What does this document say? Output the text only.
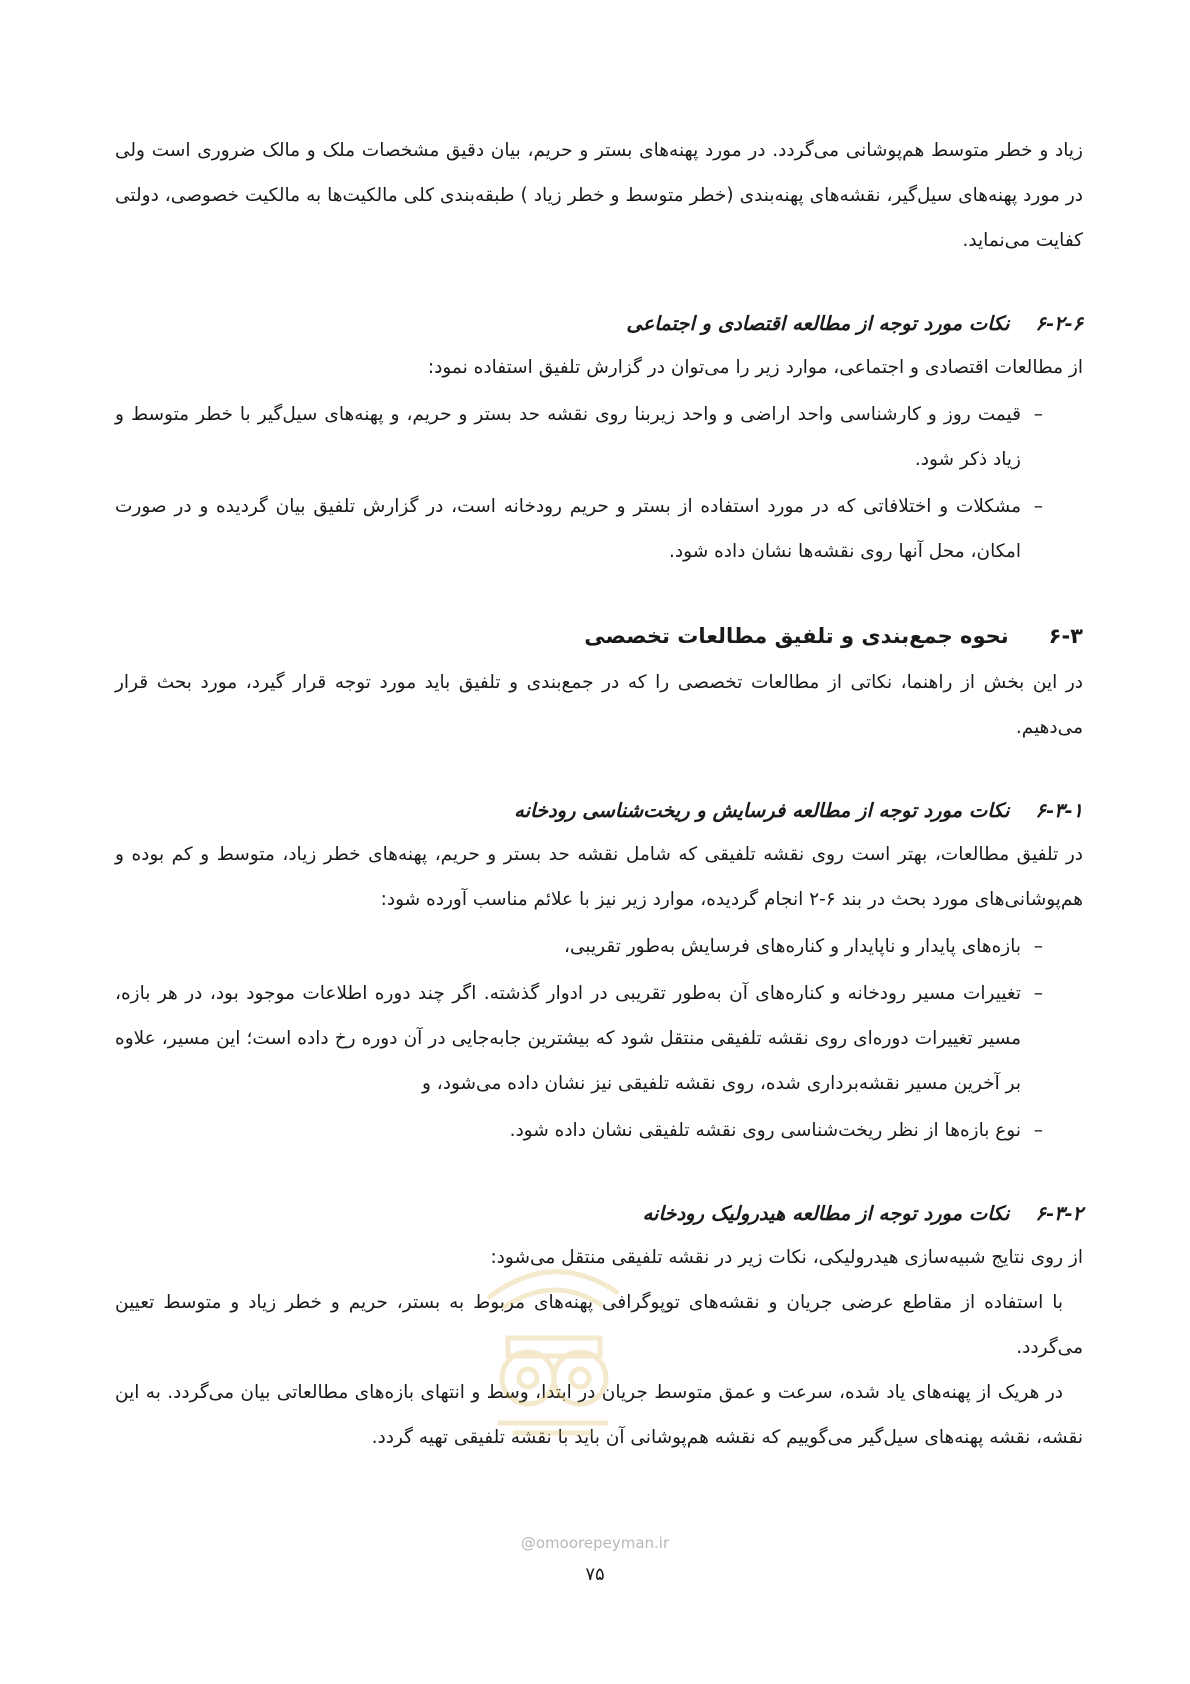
زیاد و خطر متوسط هم‌پوشانی می‌گردد. در مورد پهنه‌های بستر و حریم، بیان دقیق مشخصات ملک و مالک ضروری است ولی در مورد پهنه‌های سیل‌گیر، نقشه‌های پهنه‌بندی (خطر متوسط و خطر زیاد ) طبقه‌بندی کلی مالکیت‌ها به مالکیت خصوصی، دولتی کفایت می‌نماید.

۶-۲-۶نکات مورد توجه از مطالعه اقتصادی و اجتماعی

از مطالعات اقتصادی و اجتماعی، موارد زیر را می‌توان در گزارش تلفیق استفاده نمود:

–
قیمت روز و کارشناسی واحد اراضی و واحد زیربنا روی نقشه حد بستر و حریم، و پهنه‌های سیل‌گیر با خطر متوسط و زیاد ذکر شود.
–
مشکلات و اختلافاتی که در مورد استفاده از بستر و حریم رودخانه است، در گزارش تلفیق بیان گردیده و در صورت امکان، محل آنها روی نقشه‌ها نشان داده شود.
۶-۳نحوه جمع‌بندی و تلفیق مطالعات تخصصی

در این بخش از راهنما، نکاتی از مطالعات تخصصی را که در جمع‌بندی و تلفیق باید مورد توجه قرار گیرد، مورد بحث قرار می‌دهیم.

۶-۳-۱نکات مورد توجه از مطالعه فرسایش و ریخت‌شناسی رودخانه

در تلفیق مطالعات، بهتر است روی نقشه تلفیقی که شامل نقشه حد بستر و حریم، پهنه‌های خطر زیاد، متوسط و کم بوده و هم‌پوشانی‌های مورد بحث در بند ۶-۲ انجام گردیده، موارد زیر نیز با علائم مناسب آورده شود:

–
بازه‌های پایدار و ناپایدار و کناره‌های فرسایش به‌طور تقریبی،
–
تغییرات مسیر رودخانه و کناره‌های آن به‌طور تقریبی در ادوار گذشته. اگر چند دوره اطلاعات موجود بود، در هر بازه، مسیر تغییرات دوره‌ای روی نقشه تلفیقی منتقل شود که بیشترین جابه‌جایی در آن دوره رخ داده است؛ این مسیر، علاوه بر آخرین مسیر نقشه‌برداری شده، روی نقشه تلفیقی نیز نشان داده می‌شود، و
–
نوع بازه‌ها از نظر ریخت‌شناسی روی نقشه تلفیقی نشان داده شود.
۶-۳-۲نکات مورد توجه از مطالعه هیدرولیک رودخانه

از روی نتایج شبیه‌سازی هیدرولیکی، نکات زیر در نقشه تلفیقی منتقل می‌شود:

با استفاده از مقاطع عرضی جریان و نقشه‌های توپوگرافی پهنه‌های مربوط به بستر، حریم و خطر زیاد و متوسط تعیین می‌گردد.

در هریک از پهنه‌های یاد شده، سرعت و عمق متوسط جریان در ابتدا، وسط و انتهای بازه‌های مطالعاتی بیان می‌گردد. به این نقشه، نقشه پهنه‌های سیل‌گیر می‌گوییم که نقشه هم‌پوشانی آن باید با نقشه تلفیقی تهیه گردد.

@omoorepeyman.ir
۷۵
